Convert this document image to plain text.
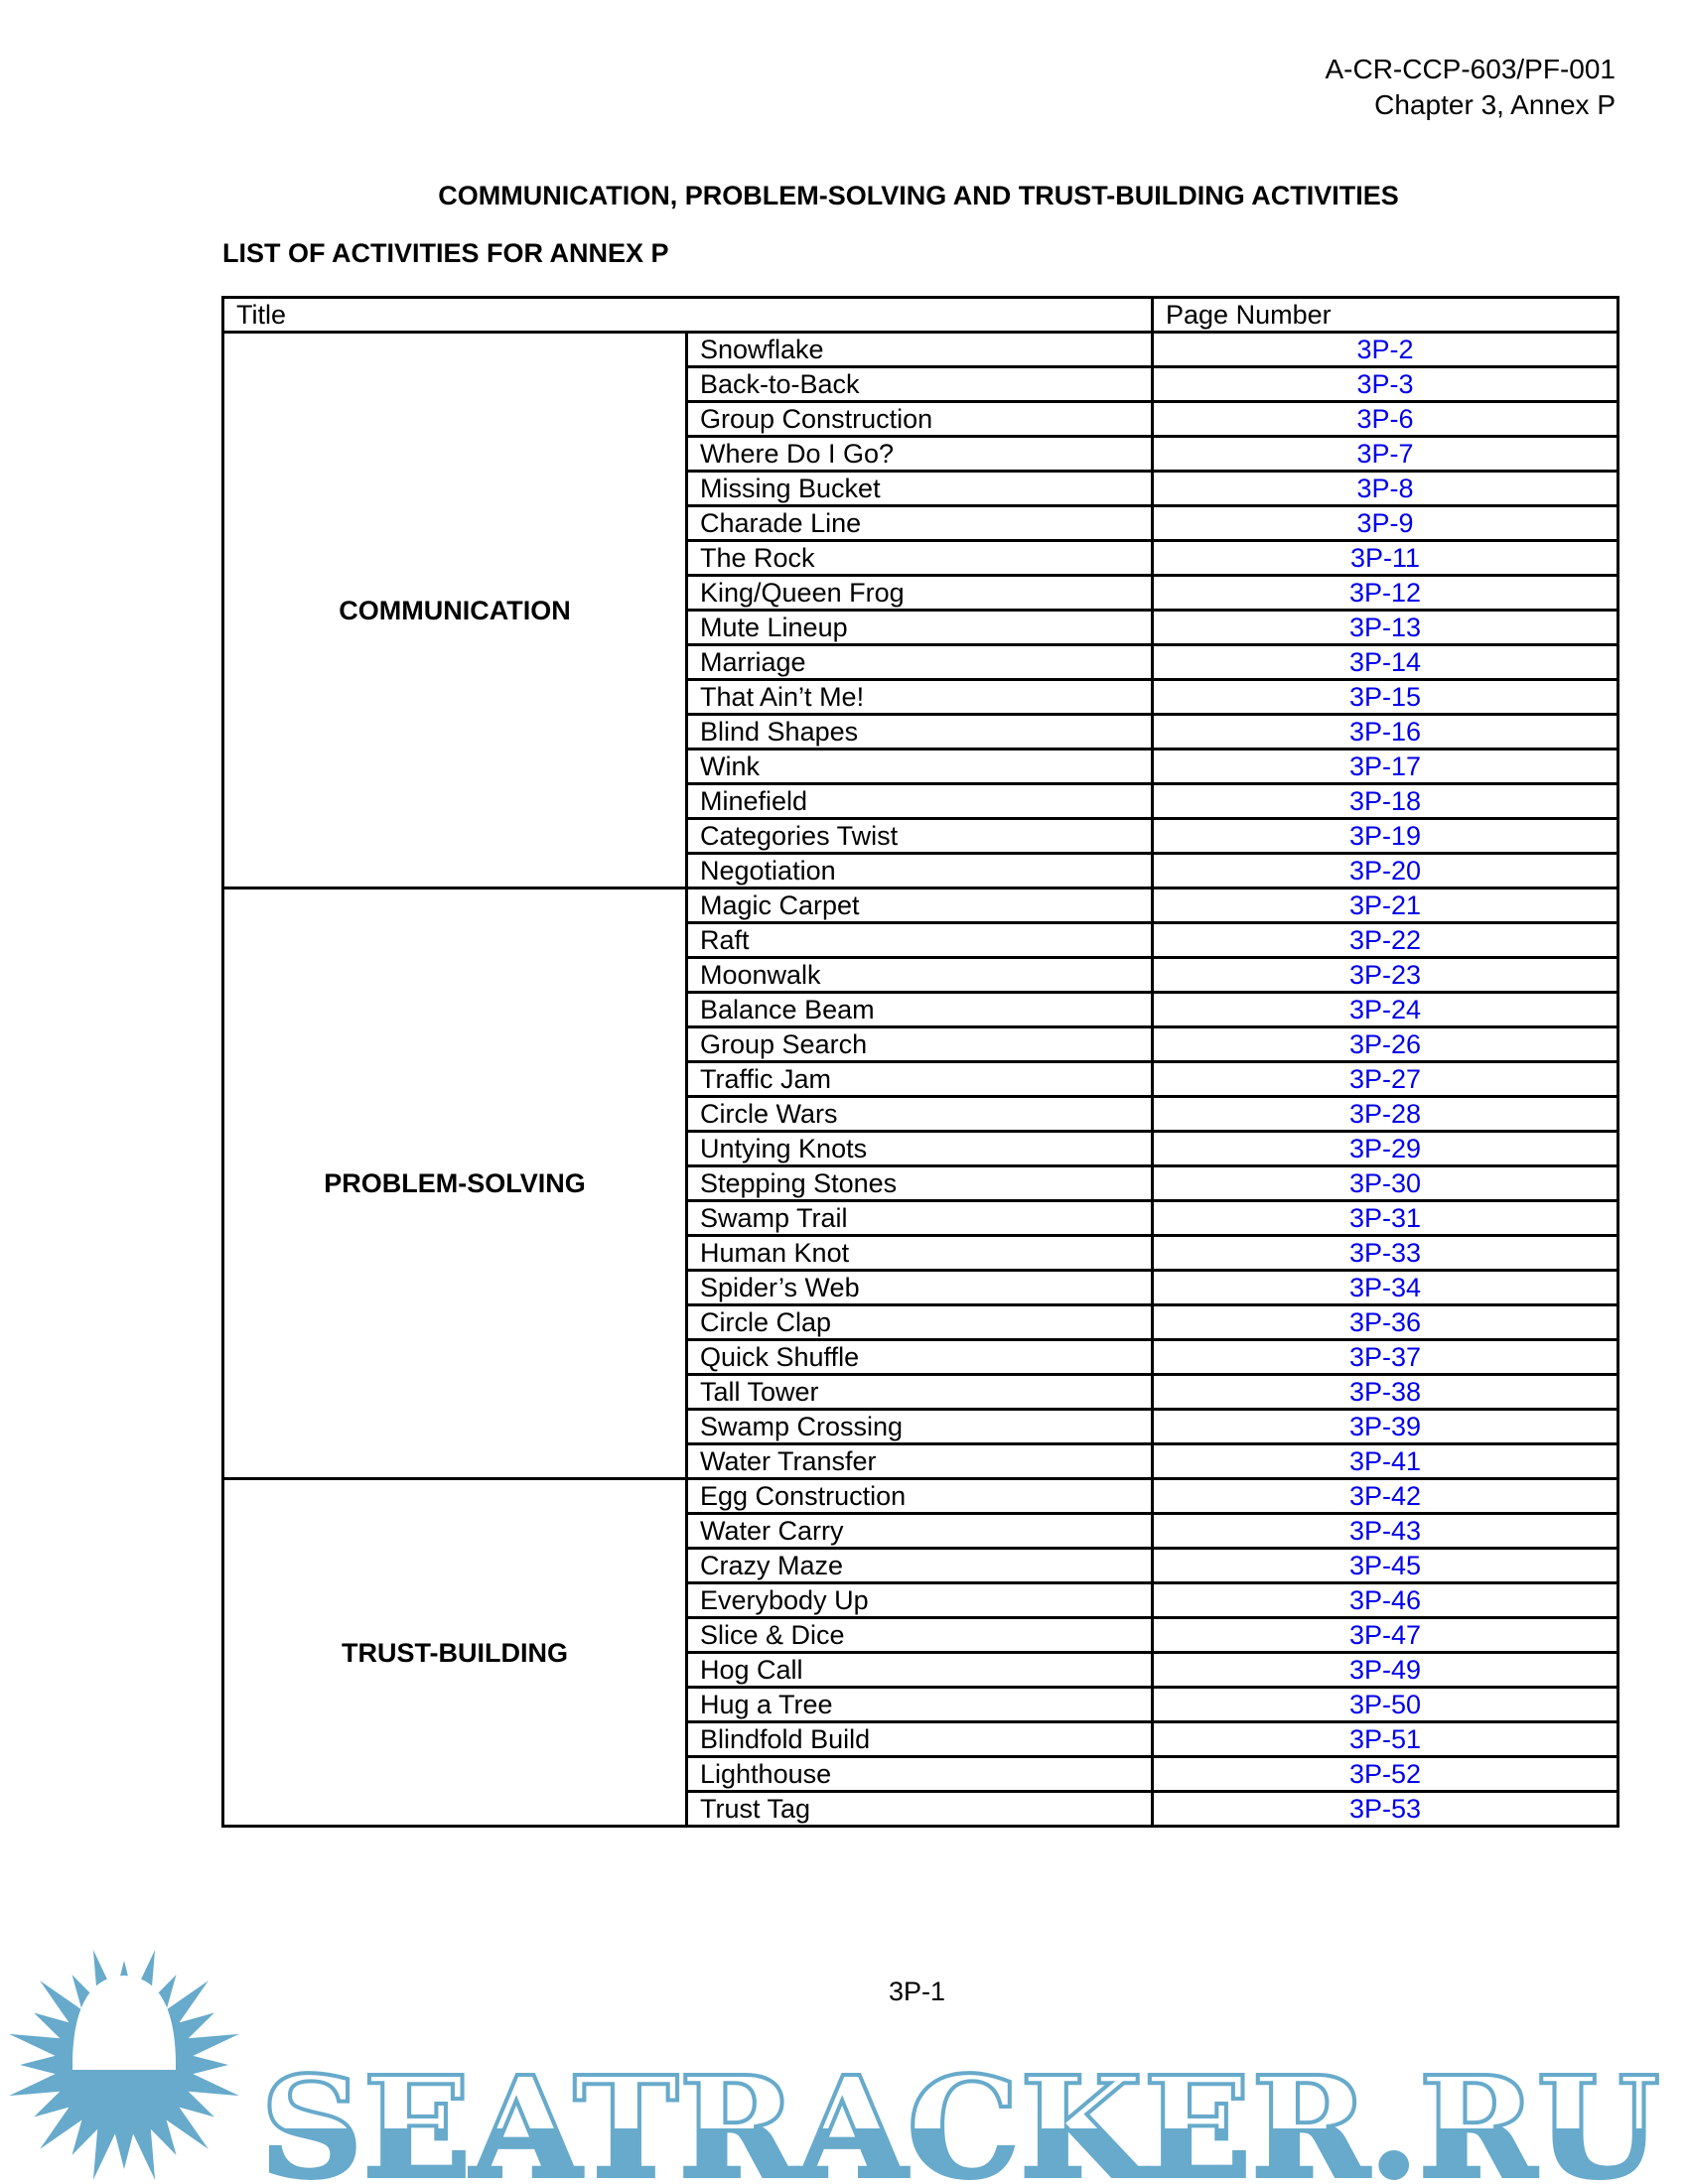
A-CR-CCP-603/PF-001
Chapter 3, Annex P
COMMUNICATION, PROBLEM-SOLVING AND TRUST-BUILDING ACTIVITIES
LIST OF ACTIVITIES FOR ANNEX P
Title		Page Number
COMMUNICATION	Snowflake	3P-2
	Back-to-Back	3P-3
	Group Construction	3P-6
	Where Do I Go?	3P-7
	Missing Bucket	3P-8
	Charade Line	3P-9
	The Rock	3P-11
	King/Queen Frog	3P-12
	Mute Lineup	3P-13
	Marriage	3P-14
	That Ain’t Me!	3P-15
	Blind Shapes	3P-16
	Wink	3P-17
	Minefield	3P-18
	Categories Twist	3P-19
	Negotiation	3P-20
PROBLEM-SOLVING	Magic Carpet	3P-21
	Raft	3P-22
	Moonwalk	3P-23
	Balance Beam	3P-24
	Group Search	3P-26
	Traffic Jam	3P-27
	Circle Wars	3P-28
	Untying Knots	3P-29
	Stepping Stones	3P-30
	Swamp Trail	3P-31
	Human Knot	3P-33
	Spider’s Web	3P-34
	Circle Clap	3P-36
	Quick Shuffle	3P-37
	Tall Tower	3P-38
	Swamp Crossing	3P-39
	Water Transfer	3P-41
TRUST-BUILDING	Egg Construction	3P-42
	Water Carry	3P-43
	Crazy Maze	3P-45
	Everybody Up	3P-46
	Slice & Dice	3P-47
	Hog Call	3P-49
	Hug a Tree	3P-50
	Blindfold Build	3P-51
	Lighthouse	3P-52
	Trust Tag	3P-53
SEATRACKER.RU
3P-1
